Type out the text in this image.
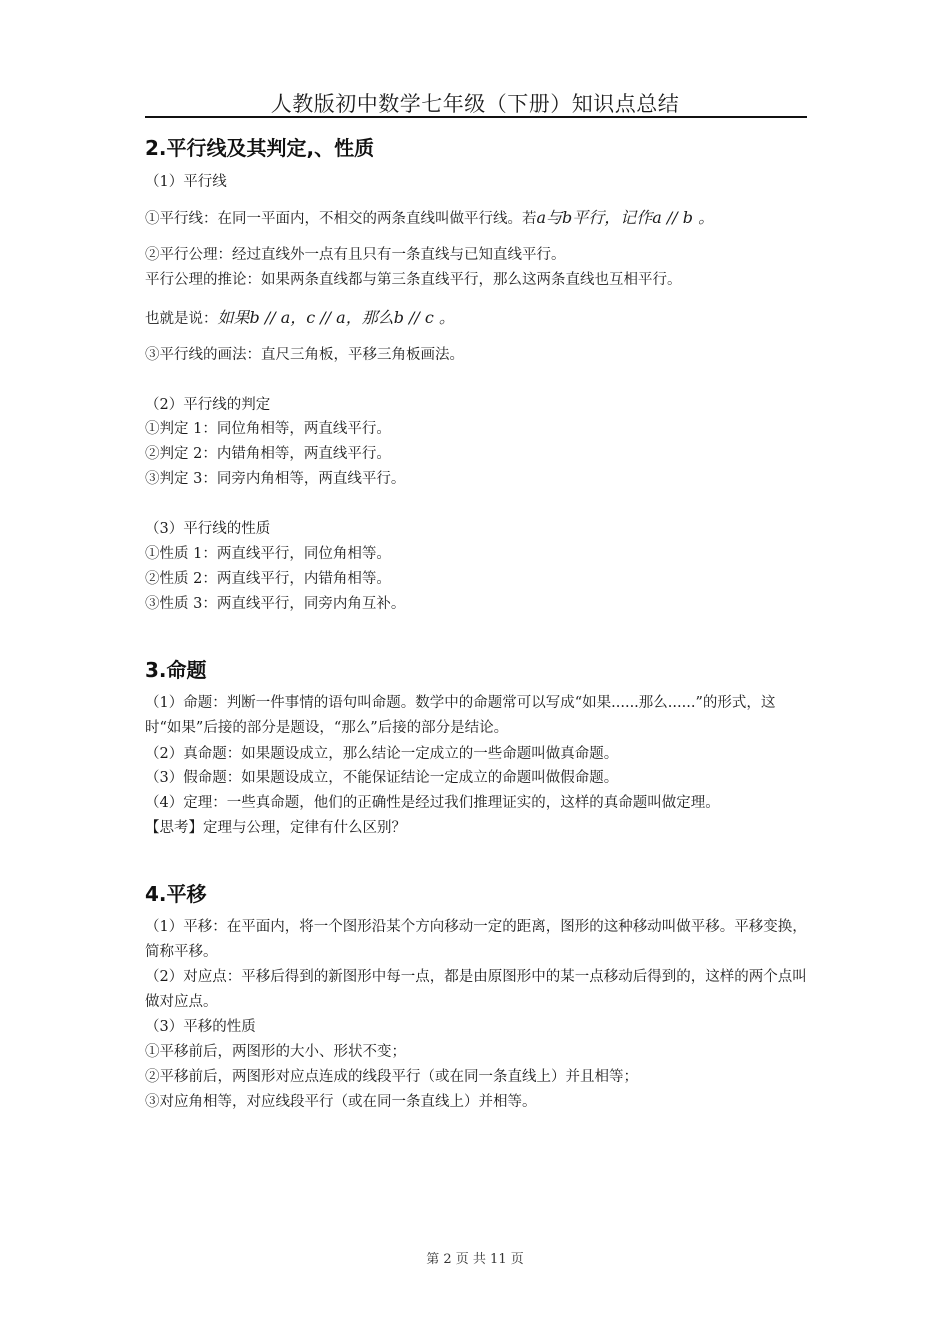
人教版初中数学七年级（下册）知识点总结
2.平行线及其判定,、性质
（1）平行线
①平行线：在同一平面内，不相交的两条直线叫做平行线。若a与b平行，记作a // b 。
②平行公理：经过直线外一点有且只有一条直线与已知直线平行。
平行公理的推论：如果两条直线都与第三条直线平行，那么这两条直线也互相平行。
也就是说：如果b // a，c // a，那么b // c 。
③平行线的画法：直尺三角板，平移三角板画法。
（2）平行线的判定
①判定 1：同位角相等，两直线平行。
②判定 2：内错角相等，两直线平行。
③判定 3：同旁内角相等，两直线平行。
（3）平行线的性质
①性质 1：两直线平行，同位角相等。
②性质 2：两直线平行，内错角相等。
③性质 3：两直线平行，同旁内角互补。
3.命题
（1）命题：判断一件事情的语句叫命题。数学中的命题常可以写成“如果......那么......”的形式，这时“如果”后接的部分是题设，“那么”后接的部分是结论。
（2）真命题：如果题设成立，那么结论一定成立的一些命题叫做真命题。
（3）假命题：如果题设成立，不能保证结论一定成立的命题叫做假命题。
（4）定理：一些真命题，他们的正确性是经过我们推理证实的，这样的真命题叫做定理。
【思考】定理与公理，定律有什么区别？
4.平移
（1）平移：在平面内，将一个图形沿某个方向移动一定的距离，图形的这种移动叫做平移。平移变换，简称平移。
（2）对应点：平移后得到的新图形中每一点，都是由原图形中的某一点移动后得到的，这样的两个点叫做对应点。
（3）平移的性质
①平移前后，两图形的大小、形状不变；
②平移前后，两图形对应点连成的线段平行（或在同一条直线上）并且相等；
③对应角相等，对应线段平行（或在同一条直线上）并相等。
第 2 页 共 11 页
